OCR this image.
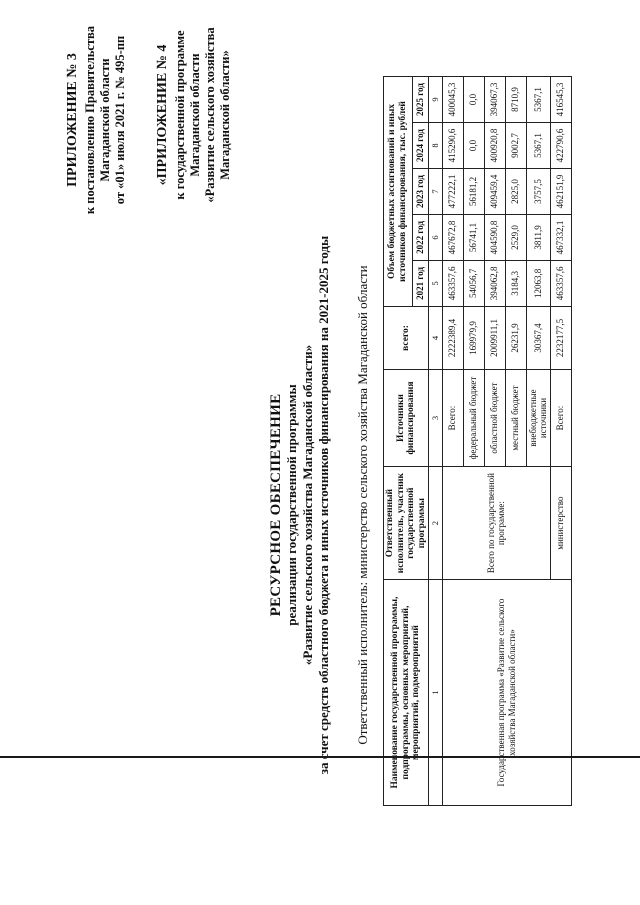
ПРИЛОЖЕНИЕ № 3 к постановлению Правительства Магаданской области от «01» июля 2021 г. № 495-пп «ПРИЛОЖЕНИЕ № 4 к государственной программе Магаданской области «Развитие сельского хозяйства Магаданской области»
РЕСУРСНОЕ ОБЕСПЕЧЕНИЕ реализации государственной программы «Развитие сельского хозяйства Магаданской области» за счет средств областного бюджета и иных источников финансирования на 2021-2025 годы Ответственный исполнитель: министерство сельского хозяйства Магаданской области Наименование государственной программы, подпрограммы, основных мероприятий, мероприятий, подмероприятий	Ответственный исполнитель, участник государственной программы	Источники финансирования	всего:	Объем бюджетных ассигнований и иных источников финансирования, тыс. рублей				
				2021 год	2022 год	2023 год	2024 год	2025 год
1	2	3	4	5	6	7	8	9
Государственная программа «Развитие сельского хозяйства Магаданской области»	Всего по государственной программе:	Всего:	2222389,4	463357,6	467672,8	477222,1	415290,6	400045,3
		федеральный бюджет	169979,9	54056,7	56741,1	56181,2	0,0	0,0
		областной бюджет	2009911,1	394062,8	404590,8	409459,4	400920,8	394067,3
		местный бюджет	26231,9	3184,3	2529,0	2825,0	9002,7	8710,9
		внебюджетные источники	30367,4	12063,8	3811,9	3757,5	5367,1	5367,1
	министерство	Всего:	2232177,5	463357,6	467332,1	462151,9	422790,6	416545,3
